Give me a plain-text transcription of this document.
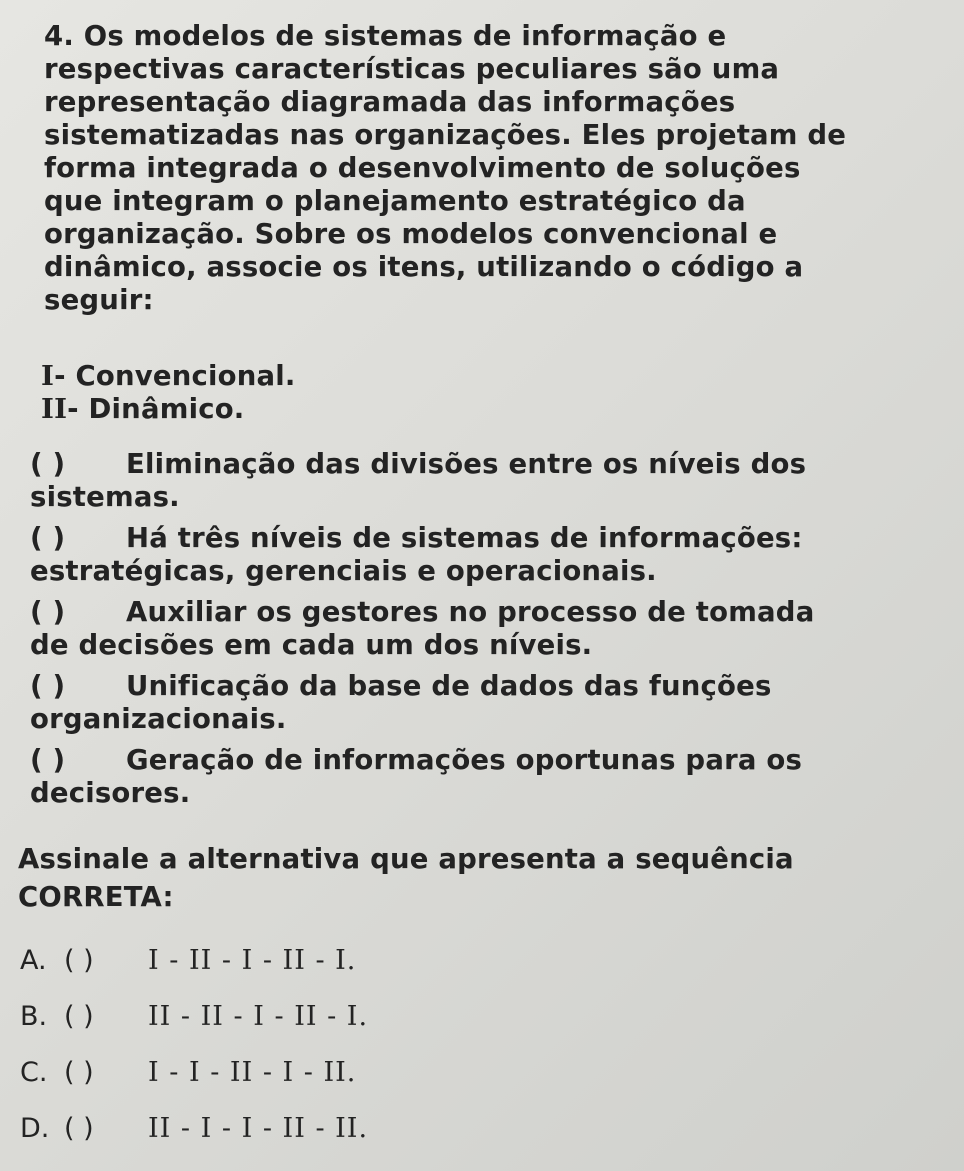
4. Os modelos de sistemas de informação e
respectivas características peculiares são uma
representação diagramada das informações
sistematizadas nas organizações. Eles projetam de
forma integrada o desenvolvimento de soluções
que integram o planejamento estratégico da
organização. Sobre os modelos convencional e
dinâmico, associe os itens, utilizando o código a
seguir:
I- Convencional.
II- Dinâmico.
( ) Eliminação das divisões entre os níveis dos
sistemas.
( ) Há três níveis de sistemas de informações:
estratégicas, gerenciais e operacionais.
( ) Auxiliar os gestores no processo de tomada
de decisões em cada um dos níveis.
( ) Unificação da base de dados das funções
organizacionais.
( ) Geração de informações oportunas para os
decisores.
Assinale a alternativa que apresenta a sequência
CORRETA:
A. ( ) I - II - I - II - I.
B. ( ) II - II - I - II - I.
C. ( ) I - I - II - I - II.
D. ( ) II - I - I - II - II.
